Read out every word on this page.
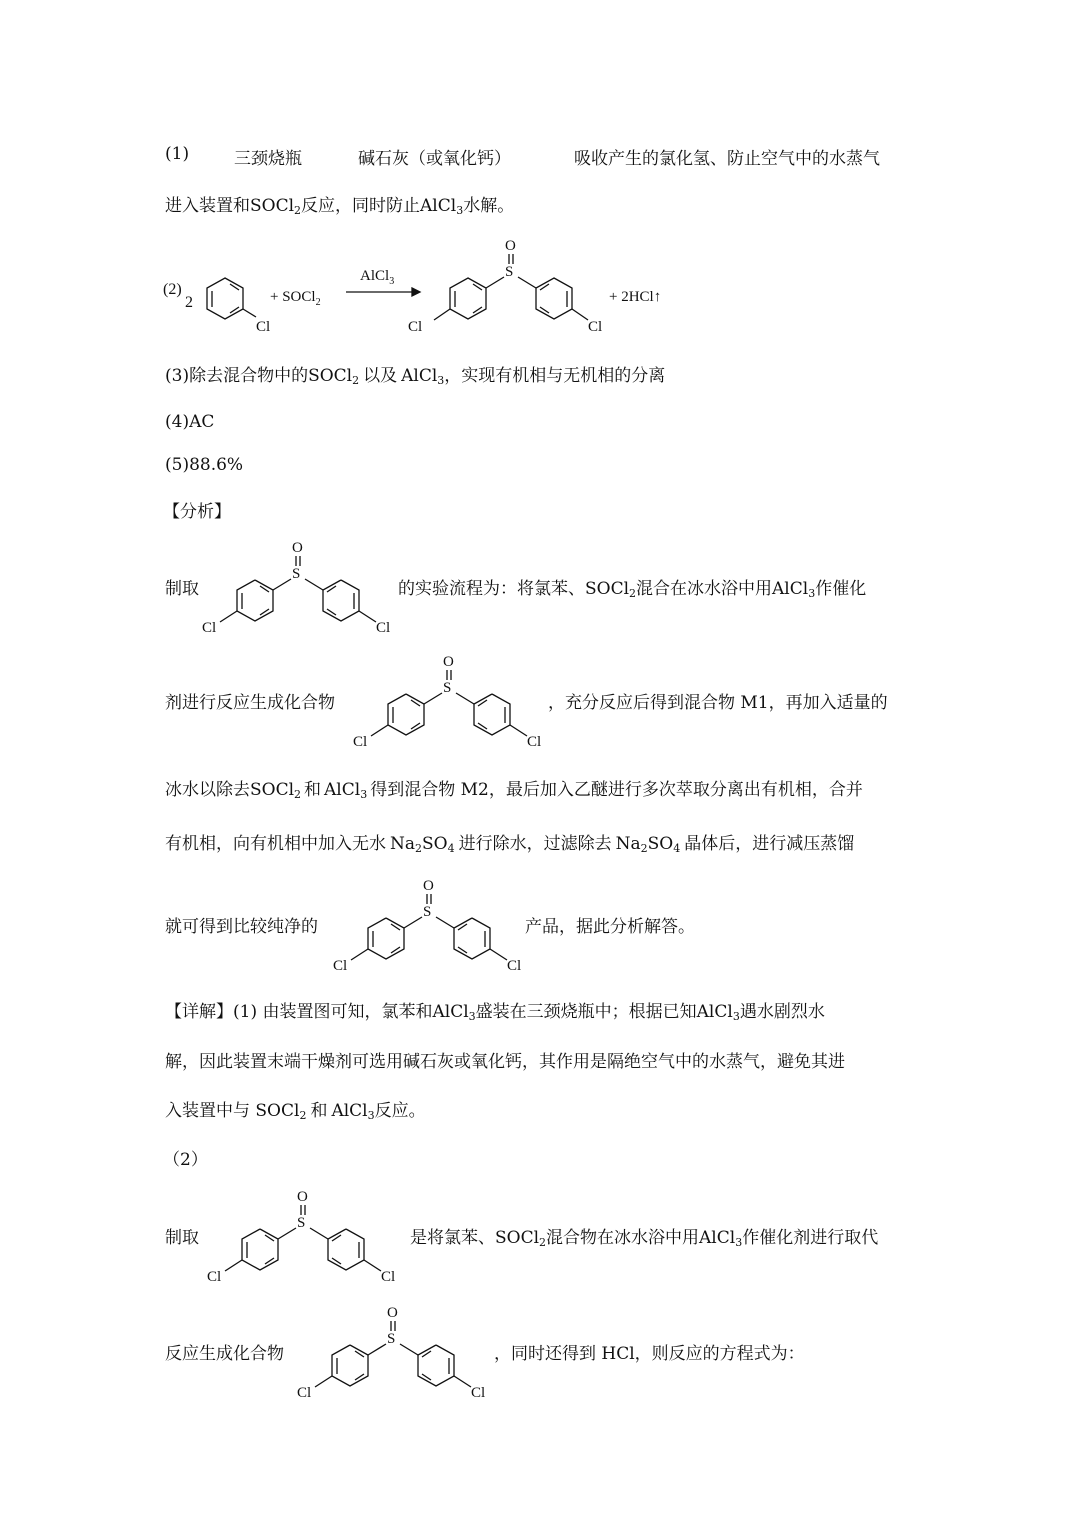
(1)	三颈烧瓶	碱石灰（或氧化钙）	吸收产生的氯化氢、防止空气中的水蒸气
进入装置和SOCl$_2$反应，同时防止AlCl$_3$水解。
(2)
2
Cl
+ SOCl$_2$
AlCl$_3$
S
O
Cl	Cl
+ 2HCl↑
(3)除去混合物中的SOCl$_2$ 以及 AlCl$_3$，实现有机相与无机相的分离
(4)AC
(5)88.6%
【分析】
制取	的实验流程为：将氯苯、SOCl$_2$混合在冰水浴中用AlCl$_3$作催化
剂进行反应生成化合物	，充分反应后得到混合物 M1，再加入适量的
冰水以除去SOCl$_2$ 和 AlCl$_3$ 得到混合物 M2，最后加入乙醚进行多次萃取分离出有机相，合并
有机相，向有机相中加入无水 $Na_2SO_4$ 进行除水，过滤除去 $Na_2SO_4$ 晶体后，进行减压蒸馏
就可得到比较纯净的	产品，据此分析解答。
【详解】(1) 由装置图可知，氯苯和AlCl$_3$盛装在三颈烧瓶中；根据已知AlCl$_3$遇水剧烈水
解，因此装置末端干燥剂可选用碱石灰或氧化钙，其作用是隔绝空气中的水蒸气，避免其进
入装置中与 SOCl$_2$ 和 AlCl$_3$反应。
（2）
制取	是将氯苯、SOCl$_2$混合物在冰水浴中用AlCl$_3$作催化剂进行取代
反应生成化合物	，同时还得到 HCl，则反应的方程式为：
S
O
Cl	Cl
S
O
Cl	Cl
S
O
Cl	Cl
S
O
Cl	Cl
S
O
Cl	Cl
